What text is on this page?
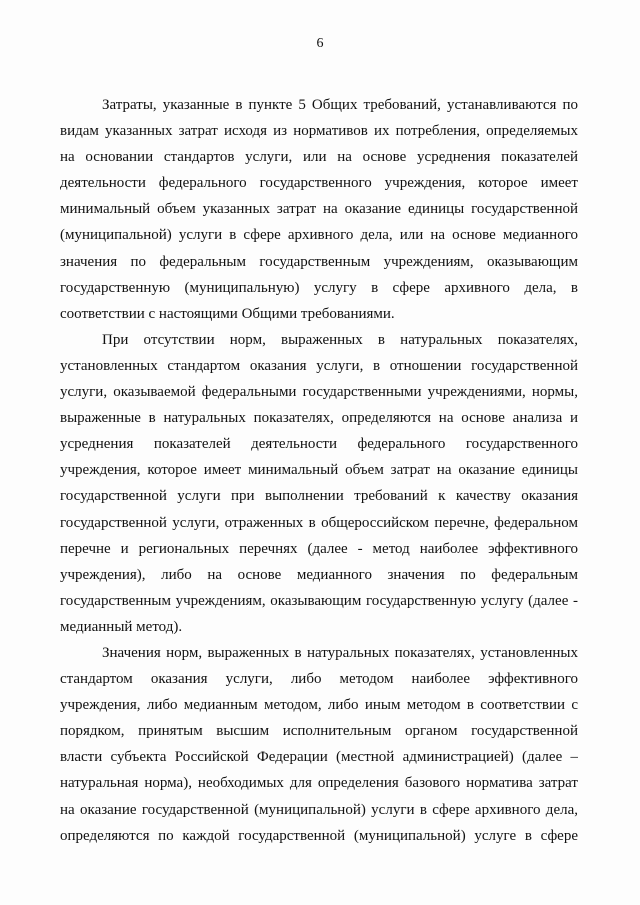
6
Затраты, указанные в пункте 5 Общих требований, устанавливаются по
видам указанных затрат исходя из нормативов их потребления, определяемых
на основании стандартов услуги, или на основе усреднения показателей
деятельности федерального государственного учреждения, которое имеет
минимальный объем указанных затрат на оказание единицы государственной
(муниципальной) услуги в сфере архивного дела, или на основе медианного
значения по федеральным государственным учреждениям, оказывающим
государственную (муниципальную) услугу в сфере архивного дела, в
соответствии с настоящими Общими требованиями.
При отсутствии норм, выраженных в натуральных показателях,
установленных стандартом оказания услуги, в отношении государственной
услуги, оказываемой федеральными государственными учреждениями, нормы,
выраженные в натуральных показателях, определяются на основе анализа и
усреднения показателей деятельности федерального государственного
учреждения, которое имеет минимальный объем затрат на оказание единицы
государственной услуги при выполнении требований к качеству оказания
государственной услуги, отраженных в общероссийском перечне, федеральном
перечне и региональных перечнях (далее - метод наиболее эффективного
учреждения), либо на основе медианного значения по федеральным
государственным учреждениям, оказывающим государственную услугу (далее -
медианный метод).
Значения норм, выраженных в натуральных показателях, установленных
стандартом оказания услуги, либо методом наиболее эффективного
учреждения, либо медианным методом, либо иным методом в соответствии с
порядком, принятым высшим исполнительным органом государственной
власти субъекта Российской Федерации (местной администрацией) (далее –
натуральная норма), необходимых для определения базового норматива затрат
на оказание государственной (муниципальной) услуги в сфере архивного дела,
определяются по каждой государственной (муниципальной) услуге в сфере
